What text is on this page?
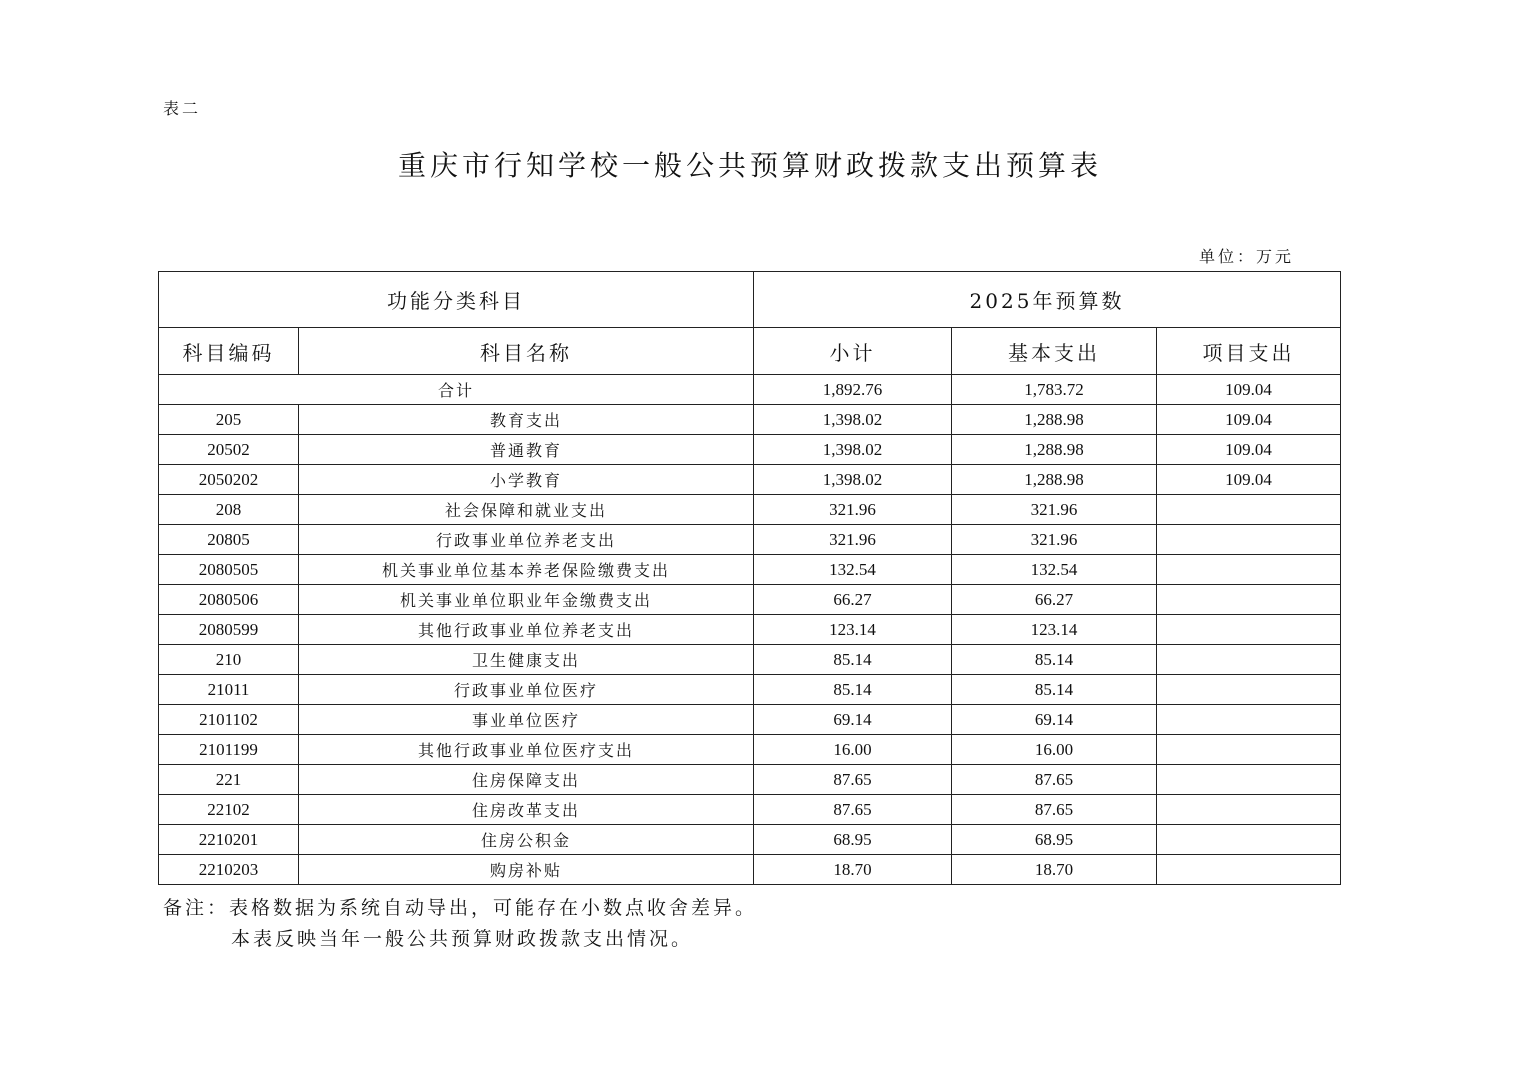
表二
重庆市行知学校一般公共预算财政拨款支出预算表
单位：万元
功能分类科目		2025年预算数		
科目编码	科目名称	小计	基本支出	项目支出
合计		1,892.76	1,783.72	109.04
205	教育支出	1,398.02	1,288.98	109.04
20502	普通教育	1,398.02	1,288.98	109.04
2050202	小学教育	1,398.02	1,288.98	109.04
208	社会保障和就业支出	321.96	321.96	
20805	行政事业单位养老支出	321.96	321.96	
2080505	机关事业单位基本养老保险缴费支出	132.54	132.54	
2080506	机关事业单位职业年金缴费支出	66.27	66.27	
2080599	其他行政事业单位养老支出	123.14	123.14	
210	卫生健康支出	85.14	85.14	
21011	行政事业单位医疗	85.14	85.14	
2101102	事业单位医疗	69.14	69.14	
2101199	其他行政事业单位医疗支出	16.00	16.00	
221	住房保障支出	87.65	87.65	
22102	住房改革支出	87.65	87.65	
2210201	住房公积金	68.95	68.95	
2210203	购房补贴	18.70	18.70	
备注：表格数据为系统自动导出，可能存在小数点收舍差异。
本表反映当年一般公共预算财政拨款支出情况。
